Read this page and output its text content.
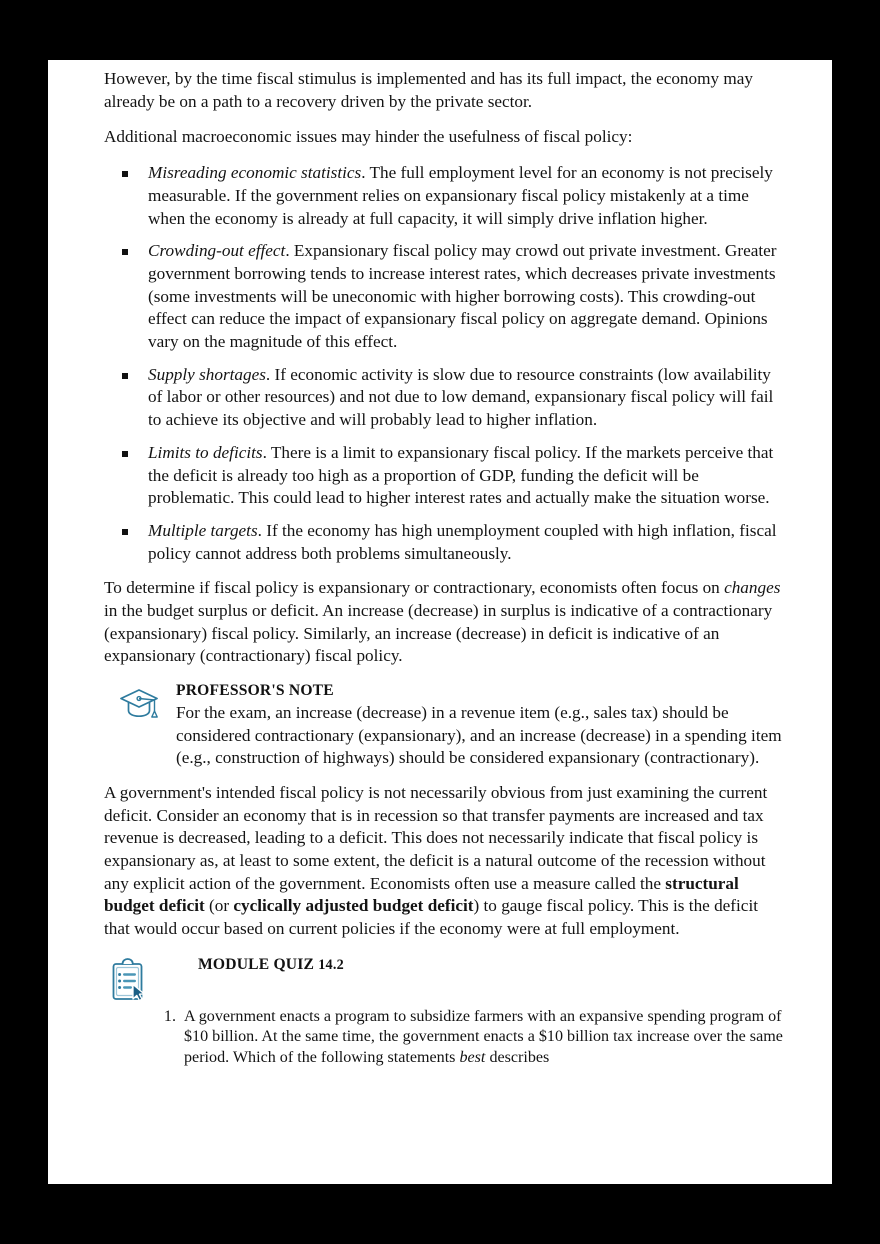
However, by the time fiscal stimulus is implemented and has its full impact, the economy may already be on a path to a recovery driven by the private sector.

Additional macroeconomic issues may hinder the usefulness of fiscal policy:

Misreading economic statistics. The full employment level for an economy is not precisely measurable. If the government relies on expansionary fiscal policy mistakenly at a time when the economy is already at full capacity, it will simply drive inflation higher.
Crowding-out effect. Expansionary fiscal policy may crowd out private investment. Greater government borrowing tends to increase interest rates, which decreases private investments (some investments will be uneconomic with higher borrowing costs). This crowding-out effect can reduce the impact of expansionary fiscal policy on aggregate demand. Opinions vary on the magnitude of this effect.
Supply shortages. If economic activity is slow due to resource constraints (low availability of labor or other resources) and not due to low demand, expansionary fiscal policy will fail to achieve its objective and will probably lead to higher inflation.
Limits to deficits. There is a limit to expansionary fiscal policy. If the markets perceive that the deficit is already too high as a proportion of GDP, funding the deficit will be problematic. This could lead to higher interest rates and actually make the situation worse.
Multiple targets. If the economy has high unemployment coupled with high inflation, fiscal policy cannot address both problems simultaneously.

To determine if fiscal policy is expansionary or contractionary, economists often focus on changes in the budget surplus or deficit. An increase (decrease) in surplus is indicative of a contractionary (expansionary) fiscal policy. Similarly, an increase (decrease) in deficit is indicative of an expansionary (contractionary) fiscal policy.

PROFESSOR'S NOTE

For the exam, an increase (decrease) in a revenue item (e.g., sales tax) should be considered contractionary (expansionary), and an increase (decrease) in a spending item (e.g., construction of highways) should be considered expansionary (contractionary).

A government's intended fiscal policy is not necessarily obvious from just examining the current deficit. Consider an economy that is in recession so that transfer payments are increased and tax revenue is decreased, leading to a deficit. This does not necessarily indicate that fiscal policy is expansionary as, at least to some extent, the deficit is a natural outcome of the recession without any explicit action of the government. Economists often use a measure called the structural budget deficit (or cyclically adjusted budget deficit) to gauge fiscal policy. This is the deficit that would occur based on current policies if the economy were at full employment.

MODULE QUIZ 14.2

1. A government enacts a program to subsidize farmers with an expansive spending program of $10 billion. At the same time, the government enacts a $10 billion tax increase over the same period. Which of the following statements best describes
